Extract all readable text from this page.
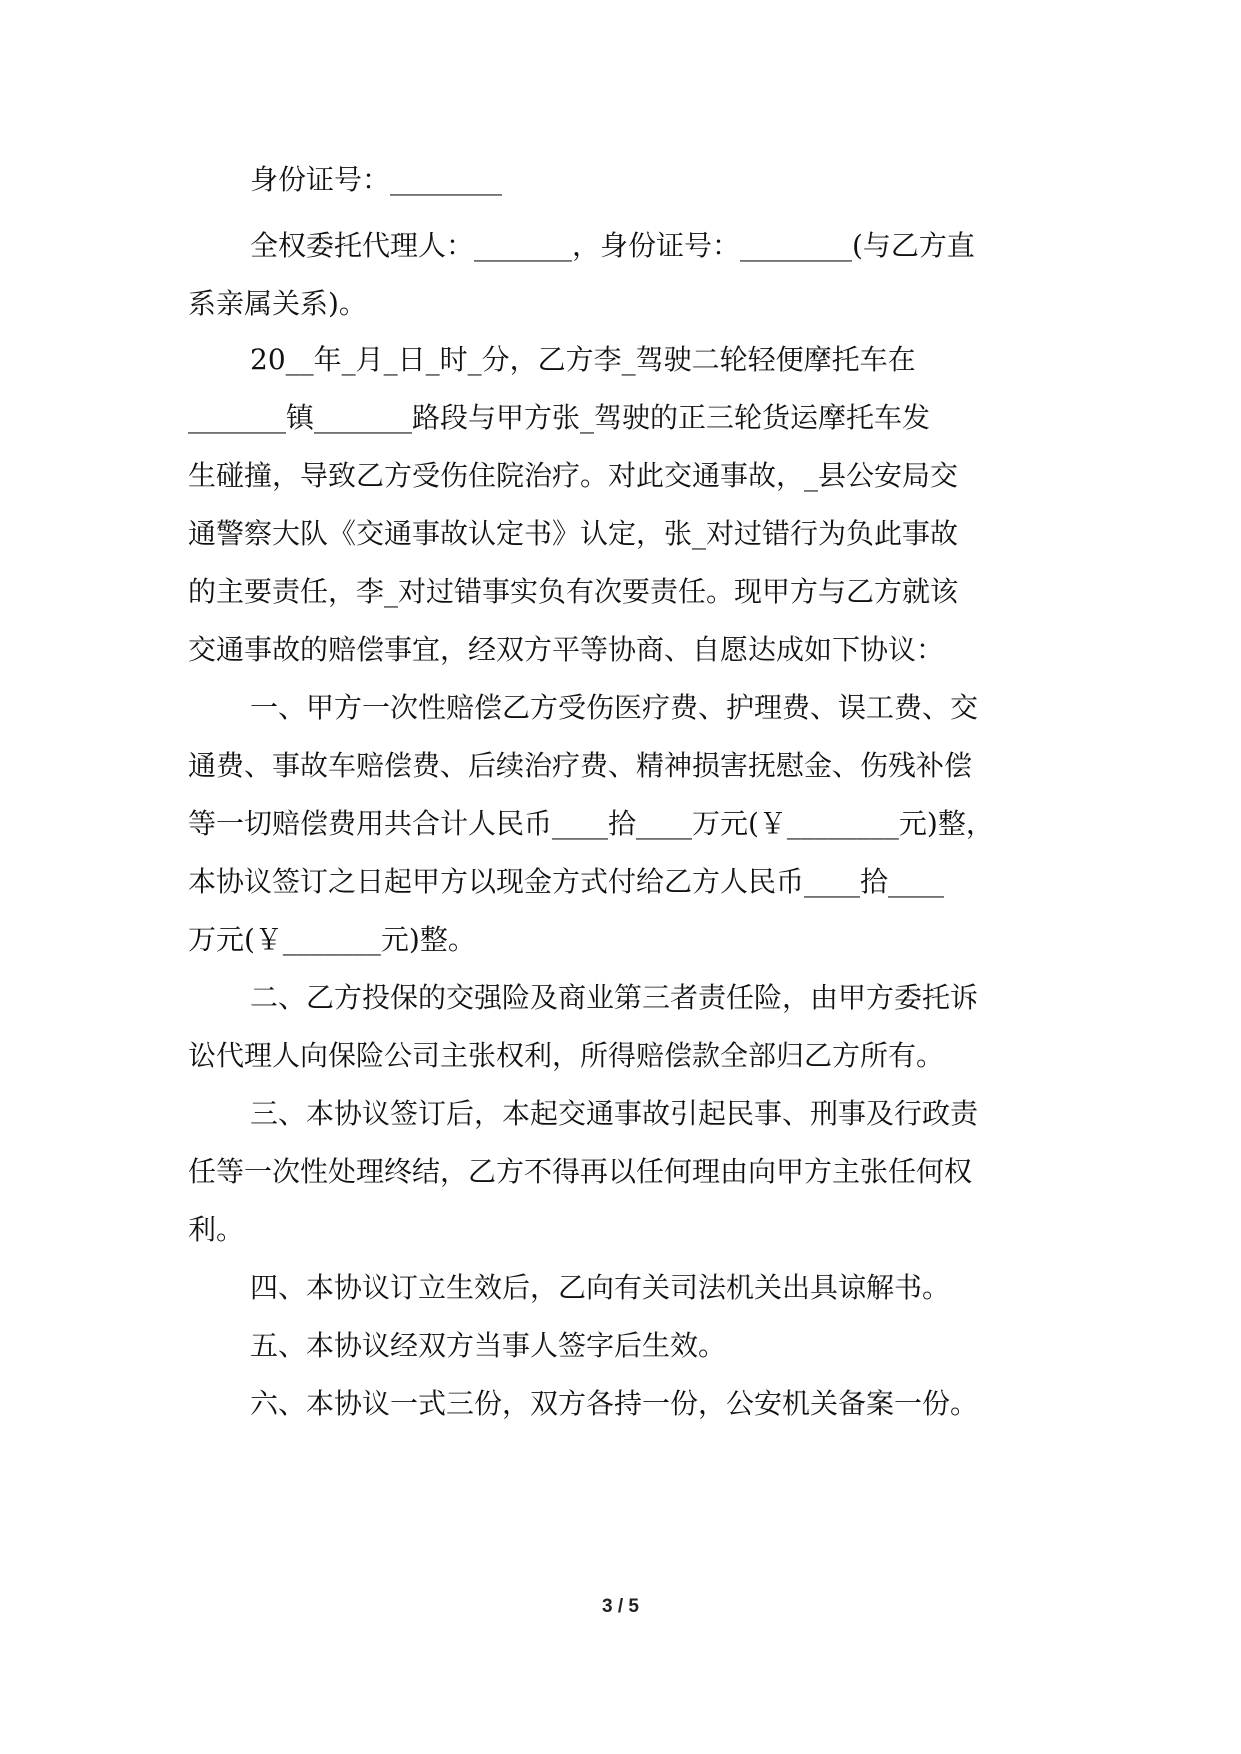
身份证号：________
全权委托代理人：_______，身份证号：________(与乙方直
系亲属关系)。
20__年_月_日_时_分，乙方李_驾驶二轮轻便摩托车在
_______镇_______路段与甲方张_驾驶的正三轮货运摩托车发
生碰撞，导致乙方受伤住院治疗。对此交通事故，_县公安局交
通警察大队《交通事故认定书》认定，张_对过错行为负此事故
的主要责任，李_对过错事实负有次要责任。现甲方与乙方就该
交通事故的赔偿事宜，经双方平等协商、自愿达成如下协议：
一、甲方一次性赔偿乙方受伤医疗费、护理费、误工费、交
通费、事故车赔偿费、后续治疗费、精神损害抚慰金、伤残补偿
等一切赔偿费用共合计人民币____拾____万元(￥________元)整，
本协议签订之日起甲方以现金方式付给乙方人民币____拾____
万元(￥_______元)整。
二、乙方投保的交强险及商业第三者责任险，由甲方委托诉
讼代理人向保险公司主张权利，所得赔偿款全部归乙方所有。
三、本协议签订后，本起交通事故引起民事、刑事及行政责
任等一次性处理终结，乙方不得再以任何理由向甲方主张任何权
利。
四、本协议订立生效后，乙向有关司法机关出具谅解书。
五、本协议经双方当事人签字后生效。
六、本协议一式三份，双方各持一份，公安机关备案一份。
3 / 5
